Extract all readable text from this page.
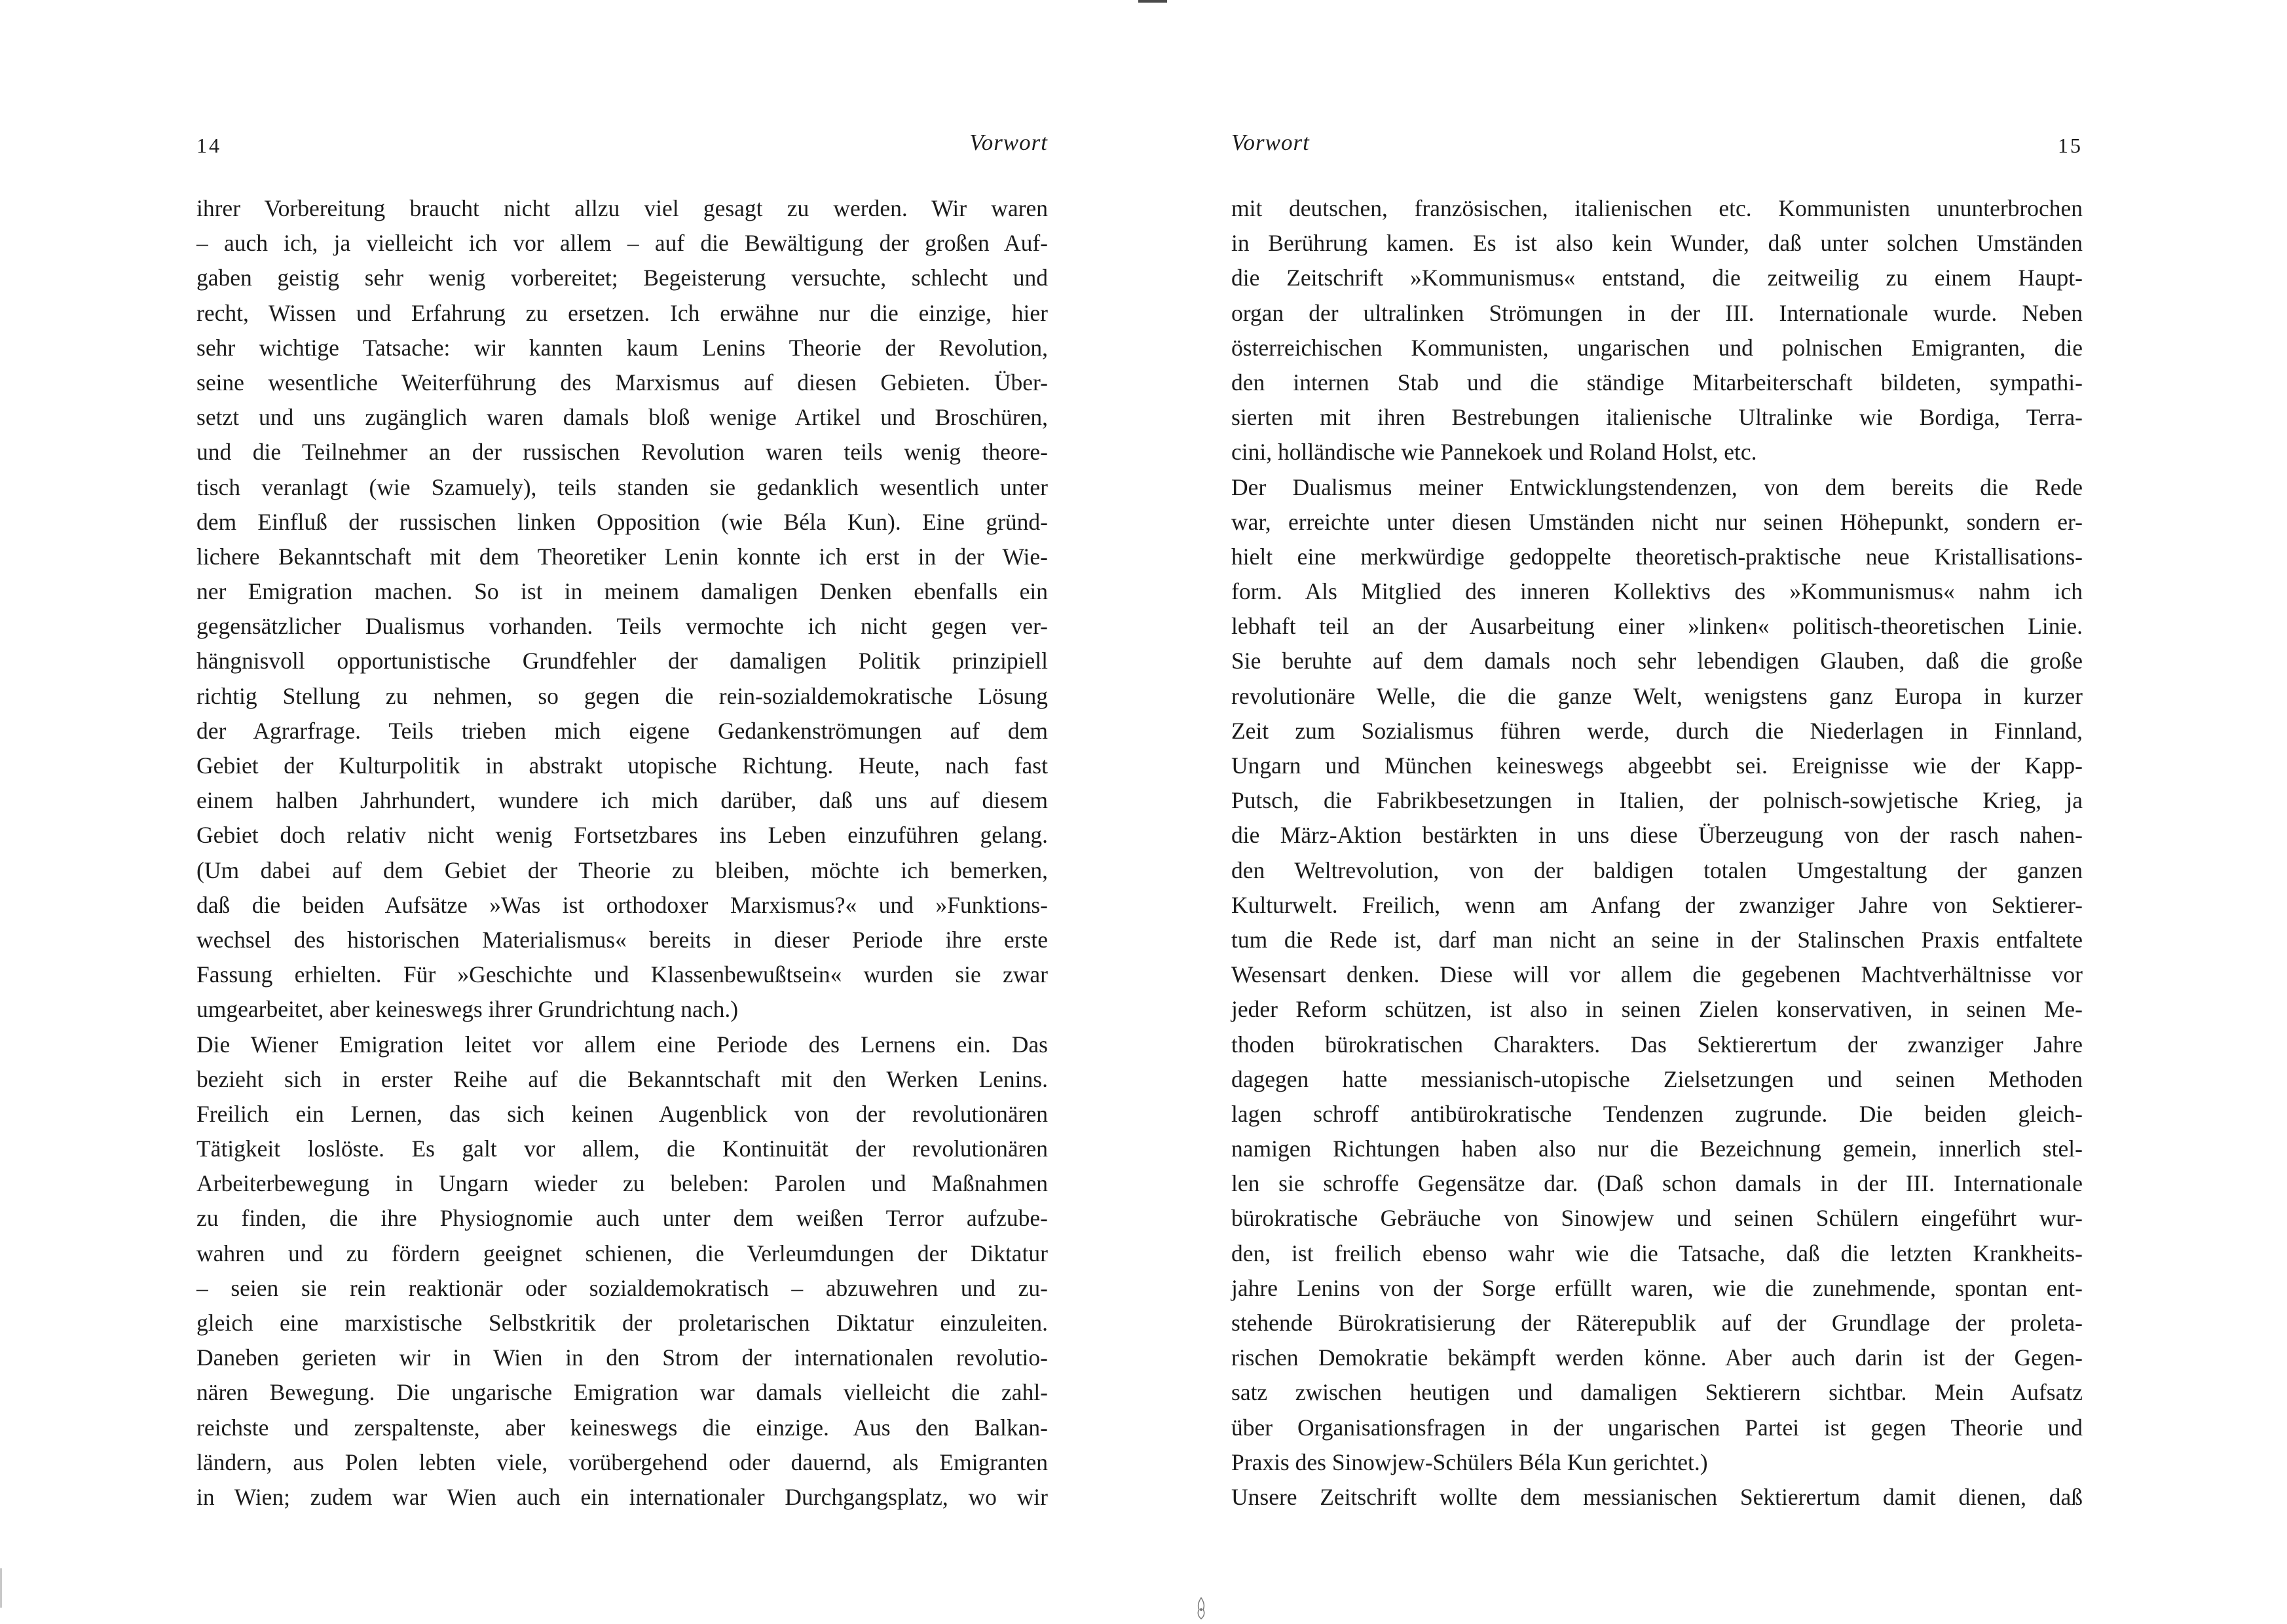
14	Vorwort
ihrer Vorbereitung braucht nicht allzu viel gesagt zu werden. Wir waren
– auch ich, ja vielleicht ich vor allem – auf die Bewältigung der großen Auf-
gaben geistig sehr wenig vorbereitet; Begeisterung versuchte, schlecht und
recht, Wissen und Erfahrung zu ersetzen. Ich erwähne nur die einzige, hier
sehr wichtige Tatsache: wir kannten kaum Lenins Theorie der Revolution,
seine wesentliche Weiterführung des Marxismus auf diesen Gebieten. Über-
setzt und uns zugänglich waren damals bloß wenige Artikel und Broschüren,
und die Teilnehmer an der russischen Revolution waren teils wenig theore-
tisch veranlagt (wie Szamuely), teils standen sie gedanklich wesentlich unter
dem Einfluß der russischen linken Opposition (wie Béla Kun). Eine gründ-
lichere Bekanntschaft mit dem Theoretiker Lenin konnte ich erst in der Wie-
ner Emigration machen. So ist in meinem damaligen Denken ebenfalls ein
gegensätzlicher Dualismus vorhanden. Teils vermochte ich nicht gegen ver-
hängnisvoll opportunistische Grundfehler der damaligen Politik prinzipiell
richtig Stellung zu nehmen, so gegen die rein-sozialdemokratische Lösung
der Agrarfrage. Teils trieben mich eigene Gedankenströmungen auf dem
Gebiet der Kulturpolitik in abstrakt utopische Richtung. Heute, nach fast
einem halben Jahrhundert, wundere ich mich darüber, daß uns auf diesem
Gebiet doch relativ nicht wenig Fortsetzbares ins Leben einzuführen gelang.
(Um dabei auf dem Gebiet der Theorie zu bleiben, möchte ich bemerken,
daß die beiden Aufsätze »Was ist orthodoxer Marxismus?« und »Funktions-
wechsel des historischen Materialismus« bereits in dieser Periode ihre erste
Fassung erhielten. Für »Geschichte und Klassenbewußtsein« wurden sie zwar
umgearbeitet, aber keineswegs ihrer Grundrichtung nach.)
Die Wiener Emigration leitet vor allem eine Periode des Lernens ein. Das
bezieht sich in erster Reihe auf die Bekanntschaft mit den Werken Lenins.
Freilich ein Lernen, das sich keinen Augenblick von der revolutionären
Tätigkeit loslöste. Es galt vor allem, die Kontinuität der revolutionären
Arbeiterbewegung in Ungarn wieder zu beleben: Parolen und Maßnahmen
zu finden, die ihre Physiognomie auch unter dem weißen Terror aufzube-
wahren und zu fördern geeignet schienen, die Verleumdungen der Diktatur
– seien sie rein reaktionär oder sozialdemokratisch – abzuwehren und zu-
gleich eine marxistische Selbstkritik der proletarischen Diktatur einzuleiten.
Daneben gerieten wir in Wien in den Strom der internationalen revolutio-
nären Bewegung. Die ungarische Emigration war damals vielleicht die zahl-
reichste und zerspaltenste, aber keineswegs die einzige. Aus den Balkan-
ländern, aus Polen lebten viele, vorübergehend oder dauernd, als Emigranten
in Wien; zudem war Wien auch ein internationaler Durchgangsplatz, wo wir
Vorwort	15
mit deutschen, französischen, italienischen etc. Kommunisten ununterbrochen
in Berührung kamen. Es ist also kein Wunder, daß unter solchen Umständen
die Zeitschrift »Kommunismus« entstand, die zeitweilig zu einem Haupt-
organ der ultralinken Strömungen in der III. Internationale wurde. Neben
österreichischen Kommunisten, ungarischen und polnischen Emigranten, die
den internen Stab und die ständige Mitarbeiterschaft bildeten, sympathi-
sierten mit ihren Bestrebungen italienische Ultralinke wie Bordiga, Terra-
cini, holländische wie Pannekoek und Roland Holst, etc.
Der Dualismus meiner Entwicklungstendenzen, von dem bereits die Rede
war, erreichte unter diesen Umständen nicht nur seinen Höhepunkt, sondern er-
hielt eine merkwürdige gedoppelte theoretisch-praktische neue Kristallisations-
form. Als Mitglied des inneren Kollektivs des »Kommunismus« nahm ich
lebhaft teil an der Ausarbeitung einer »linken« politisch-theoretischen Linie.
Sie beruhte auf dem damals noch sehr lebendigen Glauben, daß die große
revolutionäre Welle, die die ganze Welt, wenigstens ganz Europa in kurzer
Zeit zum Sozialismus führen werde, durch die Niederlagen in Finnland,
Ungarn und München keineswegs abgeebbt sei. Ereignisse wie der Kapp-
Putsch, die Fabrikbesetzungen in Italien, der polnisch-sowjetische Krieg, ja
die März-Aktion bestärkten in uns diese Überzeugung von der rasch nahen-
den Weltrevolution, von der baldigen totalen Umgestaltung der ganzen
Kulturwelt. Freilich, wenn am Anfang der zwanziger Jahre von Sektierer-
tum die Rede ist, darf man nicht an seine in der Stalinschen Praxis entfaltete
Wesensart denken. Diese will vor allem die gegebenen Machtverhältnisse vor
jeder Reform schützen, ist also in seinen Zielen konservativen, in seinen Me-
thoden bürokratischen Charakters. Das Sektierertum der zwanziger Jahre
dagegen hatte messianisch-utopische Zielsetzungen und seinen Methoden
lagen schroff antibürokratische Tendenzen zugrunde. Die beiden gleich-
namigen Richtungen haben also nur die Bezeichnung gemein, innerlich stel-
len sie schroffe Gegensätze dar. (Daß schon damals in der III. Internationale
bürokratische Gebräuche von Sinowjew und seinen Schülern eingeführt wur-
den, ist freilich ebenso wahr wie die Tatsache, daß die letzten Krankheits-
jahre Lenins von der Sorge erfüllt waren, wie die zunehmende, spontan ent-
stehende Bürokratisierung der Räterepublik auf der Grundlage der proleta-
rischen Demokratie bekämpft werden könne. Aber auch darin ist der Gegen-
satz zwischen heutigen und damaligen Sektierern sichtbar. Mein Aufsatz
über Organisationsfragen in der ungarischen Partei ist gegen Theorie und
Praxis des Sinowjew-Schülers Béla Kun gerichtet.)
Unsere Zeitschrift wollte dem messianischen Sektierertum damit dienen, daß
